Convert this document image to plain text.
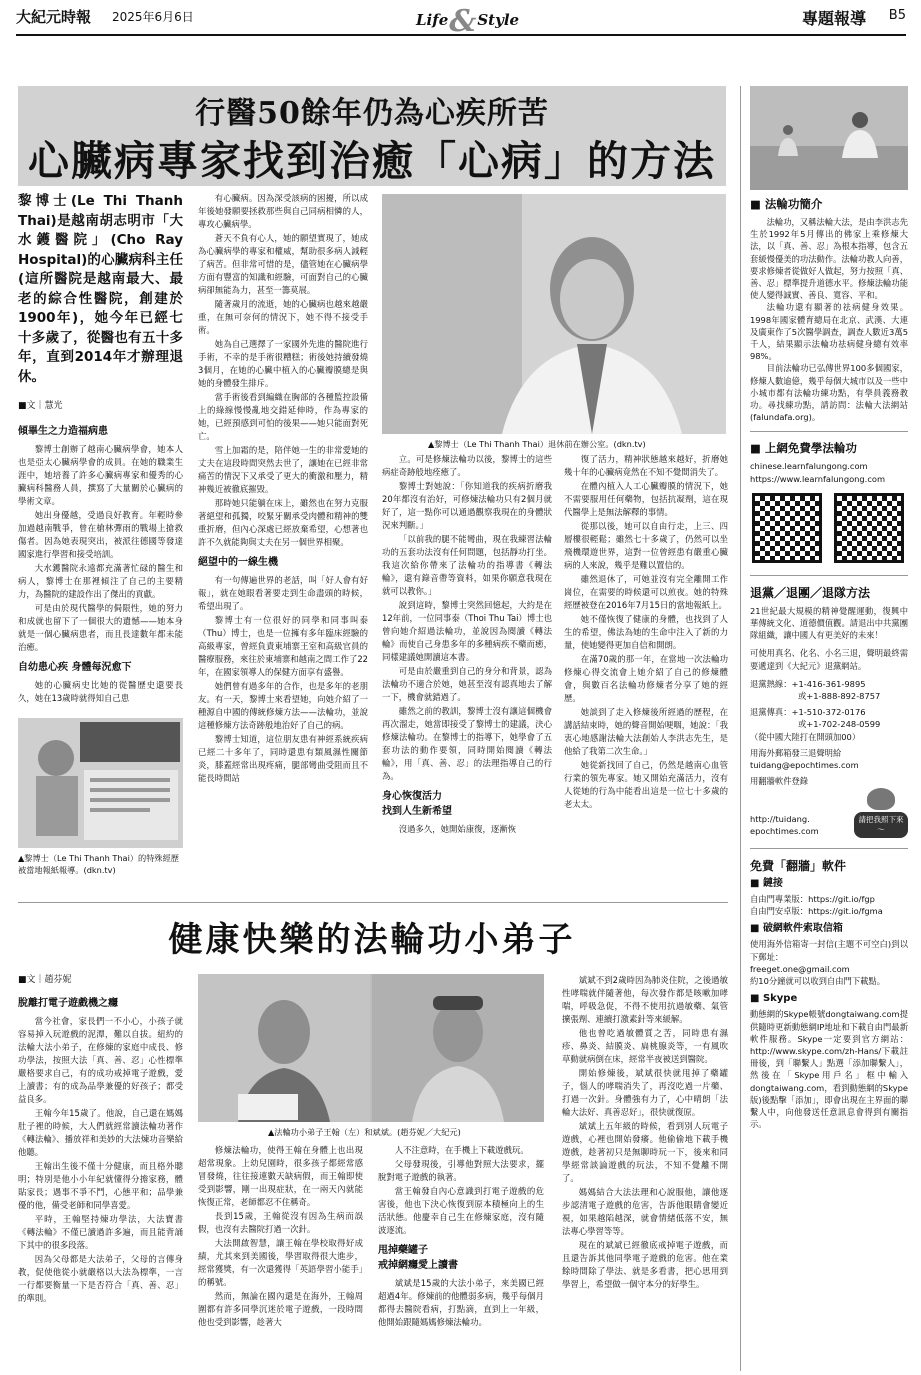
大紀元時報 2025年6月6日	Life&Style	專題報導 B5
行醫50餘年仍為心疾所苦
心臟病專家找到治癒「心病」的方法
黎博士(Le Thi Thanh Thai)是越南胡志明市「大水鑊醫院」(Cho Ray Hospital)的心臟病科主任(這所醫院是越南最大、最老的綜合性醫院，創建於1900年)，她今年已經七十多歲了，從醫也有五十多年，直到2014年才辦理退休。
■文｜慧光
傾畢生之力造福病患

黎博士創辦了越南心臟病學會，她本人也是亞太心臟病學會的成員。在她的職業生涯中，她培養了許多心臟病專家和優秀的心臟病科醫務人員，撰寫了大量關於心臟病的學術文章。

她出身優越，受過良好教育。年輕時參加過越南戰爭，曾在槍林彈雨的戰場上搶救傷者。因為她表現突出，被派往德國等發達國家進行學習和接受培訓。

大水鑊醫院永遠都充滿著忙碌的醫生和病人，黎博士在那裡傾注了自己的主要精力，為醫院的建設作出了傑出的貢獻。

可是由於現代醫學的侷限性，她的努力和成就也留下了一個很大的遺憾——她本身就是一個心臟病患者，而且長達數年都未能治癒。

自幼患心疾 身體每況愈下

她的心臟病史比她的從醫歷史還要長久，她在13歲時就得知自己患

▲黎博士（Le Thi Thanh Thai）的特殊經歷被當地報紙報導。(dkn.tv)

有心臟病。因為深受該病的困擾，所以成年後她發願要拯救那些與自己同病相憐的人，專攻心臟病學。

蒼天不負有心人，她的願望實現了，她成為心臟病學的專家和權威，幫助很多病人減輕了病苦。但非常可惜的是，儘管她在心臟病學方面有豐富的知識和經驗，可面對自己的心臟病卻無能為力，甚至一籌莫展。

隨著歲月的流逝，她的心臟病也越來越嚴重，在無可奈何的情況下，她不得不接受手術。

她為自己選擇了一家國外先進的醫院進行手術，不幸的是手術很糟糕；術後她持續發燒3個月，在她的心臟中植入的心臟瓣膜總是與她的身體發生排斥。

當手術後看到編織在胸部的各種監控設備上的綠線慢慢亂地交錯延伸時，作為專家的她，已經預感到可怕的後果——她只能面對死亡。

雪上加霜的是，陪伴她一生的非常愛她的丈夫在這段時間突然去世了，讓她在已經非常痛苦的情況下又承受了更大的衝激和壓力，精神幾近被徹底摧毀。

那時她只能躺在床上，雖然也在努力克服著絕望和孤獨，咬緊牙關承受肉體和精神的雙重折磨，但內心深處已經放棄希望，心想著也許不久就能夠與丈夫在另一個世界相聚。

絕望中的一線生機

有一句傳遍世界的老話，叫「好人會有好報」，就在她眼看著要走到生命盡頭的時候，希望出現了。

黎博士有一位很好的同學和同事叫泰（Thu）博士，也是一位擁有多年臨床經驗的高級專家，曾經負責東埔寨王室和高級官員的醫療服務，來往於東埔寨和越南之間工作了22年，在國家領導人的保健方面享有盛譽。

她們曾有過多年的合作，也是多年的老朋友。有一天，黎博士來看望她，向她介紹了一種源自中國的傳統修煉方法——法輪功，並說這種修煉方法奇跡般地治好了自己的病。

黎博士知道，這位朋友患有神經系統疾病已經二十多年了，同時還患有類風濕性關節炎，膝蓋經常出現疼痛，腿部彎曲受阻而且不能長時間站

▲黎博士（Le Thi Thanh Thai）退休前在辦公室。(dkn.tv)

立。可是修煉法輪功以後，黎博士的這些病症奇跡般地痊癒了。

黎博士對她說：「你知道我的疾病折磨我20年都沒有治好，可修煉法輪功只有2個月就好了，這一點你可以通過觀察我現在的身體狀況來判斷。」

「以前我的腿不能彎曲，現在我練習法輪功的五套功法沒有任何問題，包括靜功打坐。我這次給你帶來了法輪功的指導書《轉法輪》，還有錄音帶等資料，如果你願意我現在就可以教你。」

說到這時，黎博士突然回憶起，大約是在12年前，一位同事泰（Thoi Thu Tai）博士也曾向她介紹過法輪功，並說因為閱讀《轉法輪》而使自己身患多年的多種病疾不藥而癒，同樣建議她開讀這本書。

可是由於嚴重到自己的身分和背景，認為法輪功不適合於她，她甚至沒有認真地去了解一下，機會就錯過了。

雖然之前的教訓，黎博士沒有讓這個機會再次溜走，她當即接受了黎博士的建議，決心修煉法輪功。在黎博士的指導下，她學會了五套功法的動作要領，同時開始閱讀《轉法輪》，用「真、善、忍」的法理指導自己的行為。

身心恢復活力
找到人生新希望

沒過多久，她開始康復，逐漸恢

復了活力，精神狀態越來越好，折磨她幾十年的心臟病竟然在不知不覺間消失了。

在體內植入人工心臟瓣膜的情況下，她不需要服用任何藥物，包括抗凝劑，這在現代醫學上是無法解釋的事情。

從那以後，她可以自由行走，上三、四層樓很輕鬆；雖然七十多歲了，仍然可以坐飛機環遊世界，這對一位曾經患有嚴重心臟病的人來說，幾乎是難以置信的。

雖然退休了，可她並沒有完全離開工作崗位，在需要的時候還可以煎夜。她的特殊經歷被登在2016年7月15日的當地報紙上。

她不僅恢復了健康的身體，也找到了人生的希望，佛法為她的生命中注入了新的力量，使她變得更加自信和開朗。

在滿70歲的那一年，在當地一次法輪功修煉心得交流會上她介紹了自己的修煉體會，與數百名法輪功修煉者分享了她的經歷。

她談到了走入修煉後所經過的歷程，在講話結束時，她的聲音開始哽咽，她說：「我衷心地感謝法輪大法創始人李洪志先生，是他給了我第二次生命。」

她從新找回了自己，仍然是越南心血管行業的領先專家。她又開始充滿活力，沒有人從她的行為中能看出這是一位七十多歲的老太太。

健康快樂的法輪功小弟子
■文｜趙芬妮
脫離打電子遊戲機之癮

當今社會，家長們一不小心，小孩子就容易掉入玩遊戲的泥潭，難以自拔。紐約的法輪大法小弟子，在修煉的家庭中成長、修功學法，按照大法「真、善、忍」心性標準嚴格要求自己，有的成功戒掉電子遊戲，愛上讀書；有的成為品學兼優的好孩子；都受益良多。

王翰今年15歲了。他說，自己還在媽媽肚子裡的時候，大人們就經常讀法輪功著作《轉法輪》、播放祥和美妙的大法煉功音樂給他聽。

王翰出生後不僅十分健康，而且格外聰明；特別是他小小年紀就懂得分擔家務，體貼家長；遇事不爭不鬥，心態平和；品學兼優的他，備受老師和同學喜愛。

平時，王翰堅持煉功學法，大法寶書《轉法輪》不僅已讀過許多遍，而且能背誦下其中的很多段落。

因為父母都是大法弟子，父母的言傳身教，促使他從小就嚴格以大法為標準，一言一行都要衡量一下是否符合「真、善、忍」的準則。

▲法輪功小弟子王翰（左）和斌斌。(趙芬妮／大紀元)

修煉法輪功，使得王翰在身體上也出現超常現象。上幼兒園時，很多孩子都經常感冒發燒，往往接連數天缺病假，而王翰即使受到影響，剛一出現症狀，在一兩天內就能恢復正常，老師都忍不住稱奇。

長到15歲，王翰從沒有因為生病而誤假，也沒有去醫院打過一次針。

大法開啟智慧，讓王翰在學校取得好成績，尤其來到美國後，學習取得很大進步，經常獲獎，有一次還獲得「英語學習小能手」的稱號。

然而，無論在國內還是在海外，王翰周圍都有許多同學沉迷於電子遊戲，一段時間他也受到影響，趁著大

人不注意時，在手機上下載遊戲玩。

父母發現後，引導他對照大法要求，擺脫對電子遊戲的執著。

當王翰發自內心意識到打電子遊戲的危害後，他也下決心恢復到原本積極向上的生活狀態。他慶幸自己生在修煉家庭，沒有隨波逐流。

甩掉藥罐子
戒掉網癮愛上讀書

斌斌是15歲的大法小弟子，來美國已經超過4年。修煉前的他體弱多病，幾乎每個月都得去醫院看病，打點滴，直到上一年級，他開始跟隨媽媽修煉法輪功。

斌斌不到2歲時因為肺炎住院，之後過敏性哮喘就伴隨著他，每次發作都是咳嗽加哮喘，呼吸急促，不得不使用抗過敏藥、氣管擴張劑、連續打激素針等來緩解。

他也曾吃過敏體質之苦，同時患有濕疹、鼻炎、結膜炎、扁桃腺炎等，一有風吹草動就病倒在床，經常半夜被送到醫院。

開始修煉後，斌斌很快就甩掉了藥罐子，惱人的哮喘消失了，再沒吃過一片藥、打過一次針。身體強有力了，心中晴朗「法輪大法好、真善忍好」，很快就復原。

斌斌上五年級的時候，看到別人玩電子遊戲，心裡也開始發癢。他偷偷地下載手機遊戲，趁著初只是無聊時玩一下，後來和同學經常談論遊戲的玩法，不知不覺離不開了。

媽媽結合大法法理和心說服他，讓他逐步認清電子遊戲的危害，告訴他眼睛會變近視，如果越陷越深，就會情緒低落不安，無法專心學習等等。

現在的斌斌已經徹底戒掉電子遊戲，而且還告訴其他同學電子遊戲的危害。他在業餘時間除了學法、就是多看書，把心思用到學習上，希望做一個守本分的好學生。

■ 法輪功簡介

法輪功，又稱法輪大法，是由李洪志先生於1992年5月傳出的佛家上乘修煉大法，以「真、善、忍」為根本指導，包含五套緩慢優美的功法動作。法輪功教人向善，要求修煉者從做好人做起，努力按照「真、善、忍」標準提升道德水平。修煉法輪功能使人變得誠實、善良、寬容、平和。

法輪功還有顯著的祛病健身效果。1998年國家體育總局在北京、武漢、大連及廣東作了5次醫學調查，調查人數近3萬5千人，結果顯示法輪功祛病健身總有效率98%。

目前法輪功已弘傳世界100多個國家，修煉人數逾億，幾乎每個大城市以及一些中小城市都有法輪功練功點，有學員義務教功。尋找練功點，請訪問：法輪大法網站(falundafa.org)。

■ 上網免費學法輪功
chinese.learnfalungong.com
https://www.learnfalungong.com
退黨／退團／退隊方法
21世紀最大規模的精神覺醒運動，復興中華傳統文化、道德價值觀。請退出中共黨團隊組織，讓中國人有更美好的未來！
可使用真名、化名、小名三退，聲明最終需要遞達到《大紀元》退黨網站。
退黨熱線：+1-416-361-9895
或+1-888-892-8757
退黨傳真：+1-510-372-0176
或+1-702-248-0599
（從中國大陸打在開頭加00）
用海外郵箱發三退聲明給
tuidang@epochtimes.com
用翻牆軟件登錄
http://tuidang.
epochtimes.com
請把我照下來～
免費「翻牆」軟件
■ 鏈接
自由門專業版：https://git.io/fgp
自由門安卓版：https://git.io/fgma
■ 破網軟件索取信箱
使用海外信箱寄一封信(主題不可空白)到以下郵址：
freeget.one@gmail.com
約10分鐘就可以收到自由門下載點。
■ Skype
動態網的Skype帳號dongtaiwang.com提供隨時更新動態網IP地址和下載自由門最新軟件服務。Skype一定要到官方網站：http://www.skype.com/zh-Hans/下載註冊後，到「聯繫人」點選「添加聯繫人」，然後在「Skype用戶名」框中輸入dongtaiwang.com，看到動態網的Skype版)後點擊「添加」，即會出現在主界面的聯繫人中，向他發送任意訊息會得到有關指示。
